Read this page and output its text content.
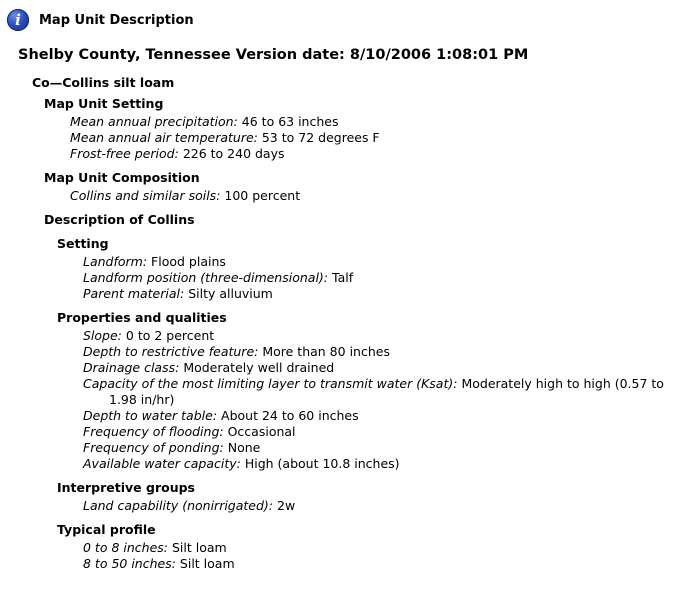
i	Map Unit Description
Shelby County, Tennessee Version date: 8/10/2006 1:08:01 PM
Co—Collins silt loam
Map Unit Setting
Mean annual precipitation: 46 to 63 inches
Mean annual air temperature: 53 to 72 degrees F
Frost-free period: 226 to 240 days
Map Unit Composition
Collins and similar soils: 100 percent
Description of Collins
Setting
Landform: Flood plains
Landform position (three-dimensional): Talf
Parent material: Silty alluvium
Properties and qualities
Slope: 0 to 2 percent
Depth to restrictive feature: More than 80 inches
Drainage class: Moderately well drained
Capacity of the most limiting layer to transmit water (Ksat): Moderately high to high (0.57 to 1.98 in/hr)
Depth to water table: About 24 to 60 inches
Frequency of flooding: Occasional
Frequency of ponding: None
Available water capacity: High (about 10.8 inches)
Interpretive groups
Land capability (nonirrigated): 2w
Typical profile
0 to 8 inches: Silt loam
8 to 50 inches: Silt loam
